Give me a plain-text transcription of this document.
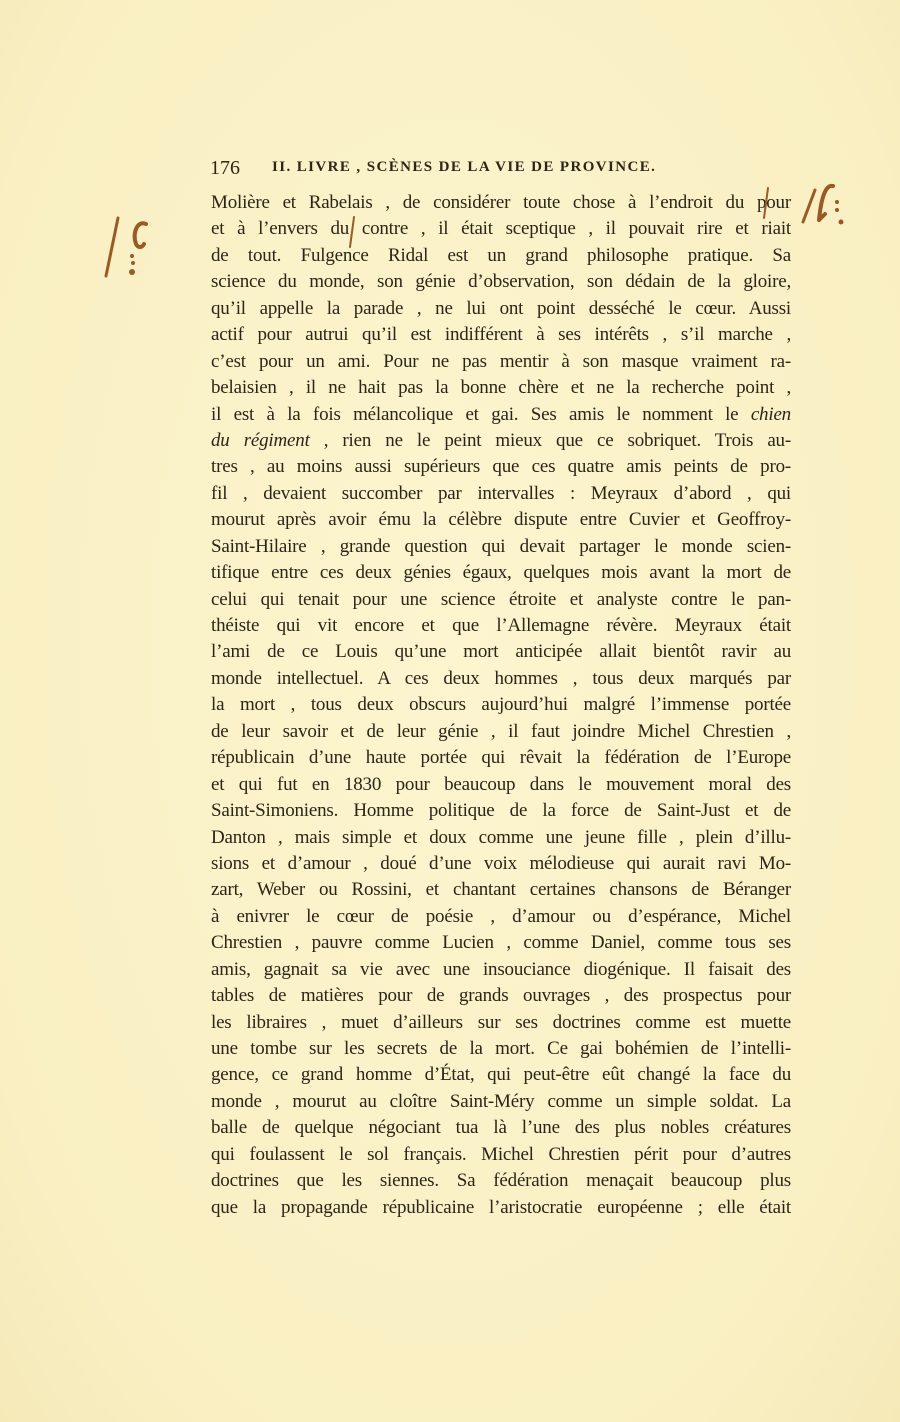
176 II. LIVRE , SCÈNES DE LA VIE DE PROVINCE.
Molière et Rabelais , de considérer toute chose à l’endroit du pour
et à l’envers du contre , il était sceptique , il pouvait rire et riait
de tout. Fulgence Ridal est un grand philosophe pratique. Sa
science du monde, son génie d’observation, son dédain de la gloire,
qu’il appelle la parade , ne lui ont point desséché le cœur. Aussi
actif pour autrui qu’il est indifférent à ses intérêts , s’il marche ,
c’est pour un ami. Pour ne pas mentir à son masque vraiment ra-
belaisien , il ne hait pas la bonne chère et ne la recherche point ,
il est à la fois mélancolique et gai. Ses amis le nomment le chien
du régiment , rien ne le peint mieux que ce sobriquet. Trois au-
tres , au moins aussi supérieurs que ces quatre amis peints de pro-
fil , devaient succomber par intervalles : Meyraux d’abord , qui
mourut après avoir ému la célèbre dispute entre Cuvier et Geoffroy-
Saint-Hilaire , grande question qui devait partager le monde scien-
tifique entre ces deux génies égaux, quelques mois avant la mort de
celui qui tenait pour une science étroite et analyste contre le pan-
théiste qui vit encore et que l’Allemagne révère. Meyraux était
l’ami de ce Louis qu’une mort anticipée allait bientôt ravir au
monde intellectuel. A ces deux hommes , tous deux marqués par
la mort , tous deux obscurs aujourd’hui malgré l’immense portée
de leur savoir et de leur génie , il faut joindre Michel Chrestien ,
républicain d’une haute portée qui rêvait la fédération de l’Europe
et qui fut en 1830 pour beaucoup dans le mouvement moral des
Saint-Simoniens. Homme politique de la force de Saint-Just et de
Danton , mais simple et doux comme une jeune fille , plein d’illu-
sions et d’amour , doué d’une voix mélodieuse qui aurait ravi Mo-
zart, Weber ou Rossini, et chantant certaines chansons de Béranger
à enivrer le cœur de poésie , d’amour ou d’espérance, Michel
Chrestien , pauvre comme Lucien , comme Daniel, comme tous ses
amis, gagnait sa vie avec une insouciance diogénique. Il faisait des
tables de matières pour de grands ouvrages , des prospectus pour
les libraires , muet d’ailleurs sur ses doctrines comme est muette
une tombe sur les secrets de la mort. Ce gai bohémien de l’intelli-
gence, ce grand homme d’État, qui peut-être eût changé la face du
monde , mourut au cloître Saint-Méry comme un simple soldat. La
balle de quelque négociant tua là l’une des plus nobles créatures
qui foulassent le sol français. Michel Chrestien périt pour d’autres
doctrines que les siennes. Sa fédération menaçait beaucoup plus
que la propagande républicaine l’aristocratie européenne ; elle était
